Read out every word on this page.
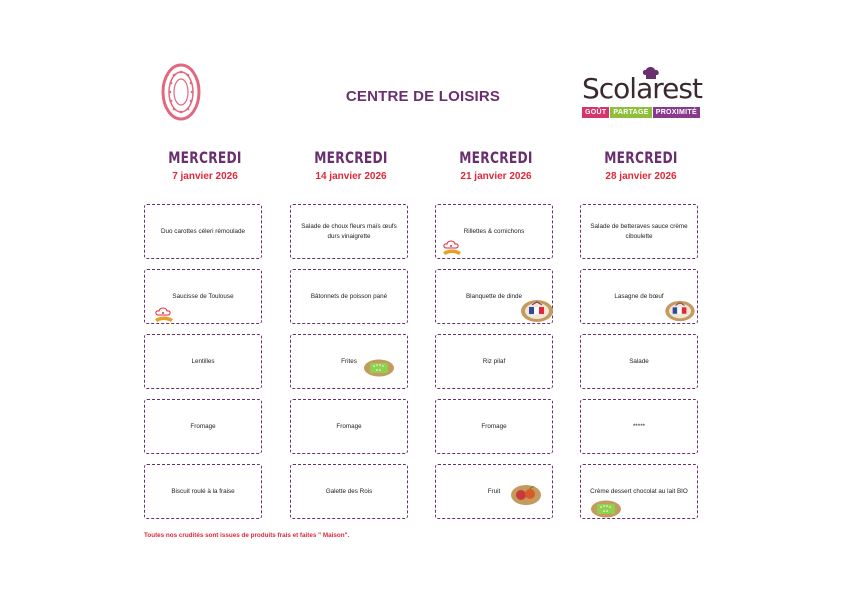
CENTRE DE LOISIRS	Scolarest
GOÛT	PARTAGE	PROXIMITÉ
MERCREDI
7 janvier 2026
MERCREDI
14 janvier 2026
MERCREDI
21 janvier 2026
MERCREDI
28 janvier 2026
Duo carottes céleri rémoulade
Saucisse de Toulouse
Lentilles
Fromage
Biscuit roulé à la fraise
Salade de choux fleurs maïs œufs durs vinaigrette
Bâtonnets de poisson pané
Frites
Fromage
Galette des Rois
Rillettes & cornichons
Blanquette de dinde
Riz pilaf
Fromage
Fruit
Salade de betteraves sauce crème ciboulette
Lasagne de bœuf
Salade
*****
Crème dessert chocolat au lait BIO
Toutes nos crudités sont issues de produits frais et faites " Maison".
